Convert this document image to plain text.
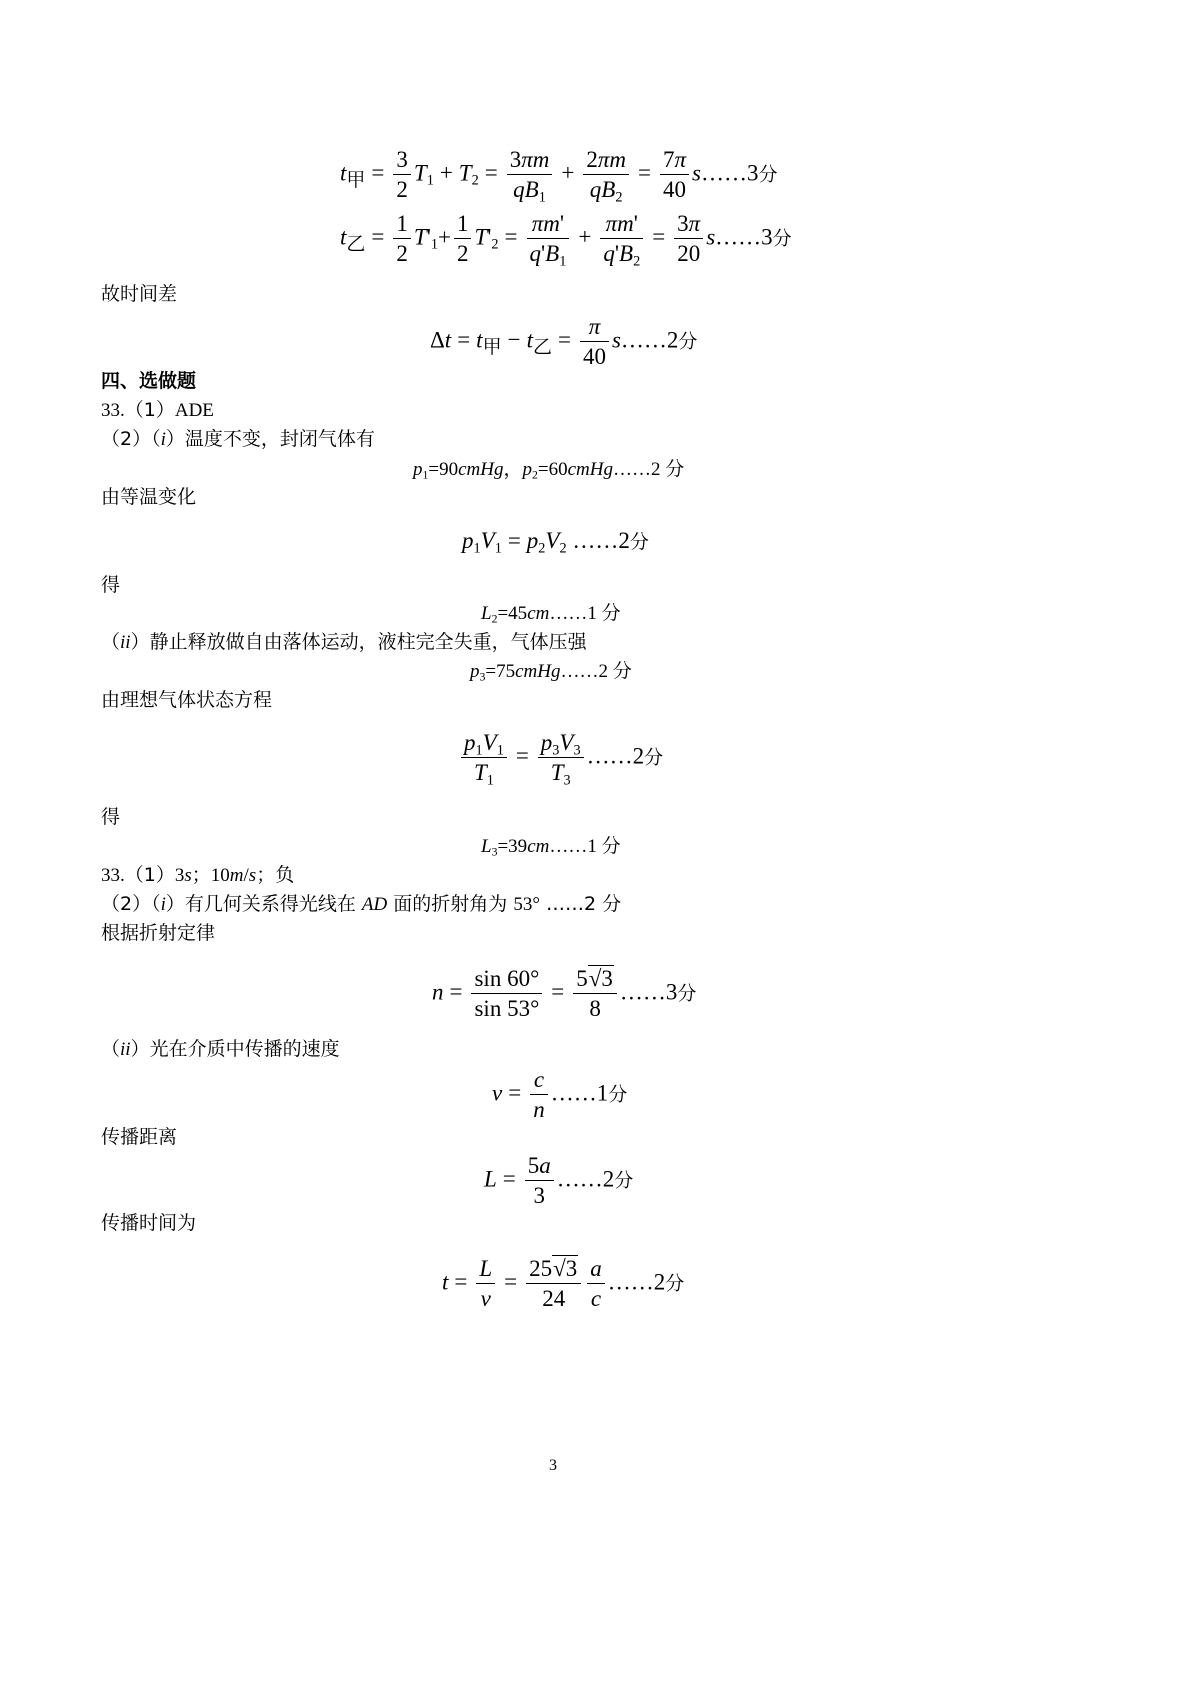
$t_甲 = \frac{3}{2} T_1 + T_2 = \frac{3\pi m}{qB_1} + \frac{2\pi m}{qB_2} = \frac{7\pi}{40}$ s……3分
$t_乙 = \frac{1}{2} T'_1+ \frac{1}{2} T'_2 = \frac{\pi m'}{q'B_1} + \frac{\pi m'}{q'B_2} = \frac{3\pi}{20}$ s……3分
故时间差
$\Delta t = t_甲 - t_乙 = \frac{\pi}{40}$ s……2分
四、选做题
33.（1）ADE
（2）（i）温度不变，封闭气体有
$p_1=90cmHg$，$p_2=60cmHg\dots\dots 2$ 分
由等温变化
$p_1V_1 = p_2V_2$ ……2分
得
$L_2=45cm\dots\dots 1$ 分
（ii）静止释放做自由落体运动，液柱完全失重，气体压强
$p_3=75cmHg\dots\dots 2$ 分
由理想气体状态方程
$\frac{p_1V_1}{T_1} = \frac{p_3V_3}{T_3}$ ……2分
得
$L_3=39cm\dots\dots 1$ 分
33.（1）3s；10m/s；负
（2）（i）有几何关系得光线在 AD 面的折射角为 53° ……2 分
根据折射定律
$n = \frac{\sin 60^\circ}{\sin 53^\circ} = \frac{5√3}{8}$ ……3分
（ii）光在介质中传播的速度
$v = \frac{c}{n}$ ……1分
传播距离
$L = \frac{5a}{3}$ ……2分
传播时间为
$t = \frac{L}{v} = \frac{25√3}{24} \frac{a}{c}$ ……2分
3
